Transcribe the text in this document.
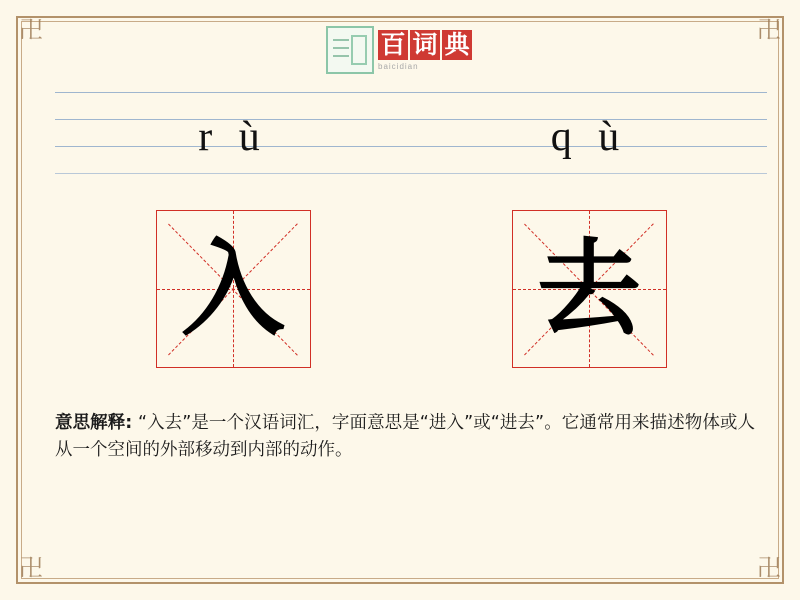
卍	卍
卍	卍
百 词 典
baicidian
r ù	q ù
入 去
意思解释: “入去”是一个汉语词汇，字面意思是“进入”或“进去”。它通常用来描述物体或人从一个空间的外部移动到内部的动作。
